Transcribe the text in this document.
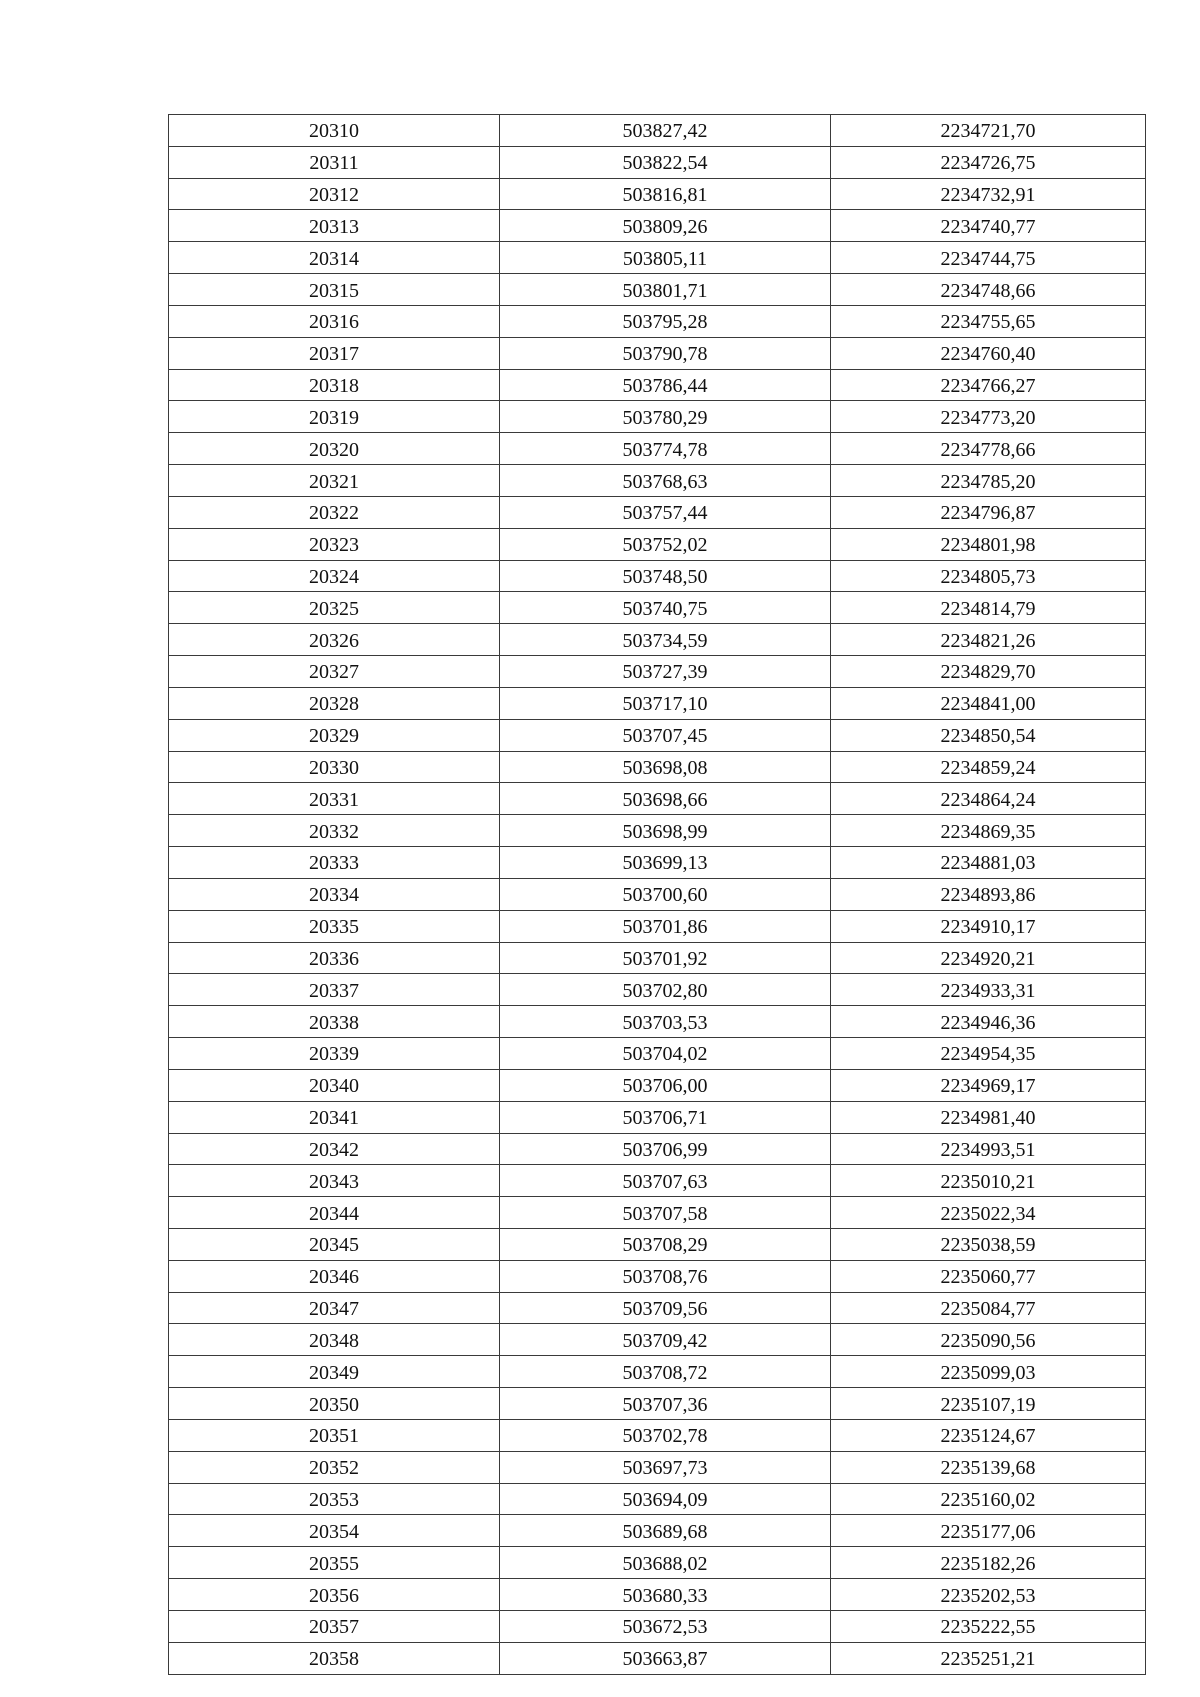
20310	503827,42	2234721,70
20311	503822,54	2234726,75
20312	503816,81	2234732,91
20313	503809,26	2234740,77
20314	503805,11	2234744,75
20315	503801,71	2234748,66
20316	503795,28	2234755,65
20317	503790,78	2234760,40
20318	503786,44	2234766,27
20319	503780,29	2234773,20
20320	503774,78	2234778,66
20321	503768,63	2234785,20
20322	503757,44	2234796,87
20323	503752,02	2234801,98
20324	503748,50	2234805,73
20325	503740,75	2234814,79
20326	503734,59	2234821,26
20327	503727,39	2234829,70
20328	503717,10	2234841,00
20329	503707,45	2234850,54
20330	503698,08	2234859,24
20331	503698,66	2234864,24
20332	503698,99	2234869,35
20333	503699,13	2234881,03
20334	503700,60	2234893,86
20335	503701,86	2234910,17
20336	503701,92	2234920,21
20337	503702,80	2234933,31
20338	503703,53	2234946,36
20339	503704,02	2234954,35
20340	503706,00	2234969,17
20341	503706,71	2234981,40
20342	503706,99	2234993,51
20343	503707,63	2235010,21
20344	503707,58	2235022,34
20345	503708,29	2235038,59
20346	503708,76	2235060,77
20347	503709,56	2235084,77
20348	503709,42	2235090,56
20349	503708,72	2235099,03
20350	503707,36	2235107,19
20351	503702,78	2235124,67
20352	503697,73	2235139,68
20353	503694,09	2235160,02
20354	503689,68	2235177,06
20355	503688,02	2235182,26
20356	503680,33	2235202,53
20357	503672,53	2235222,55
20358	503663,87	2235251,21
